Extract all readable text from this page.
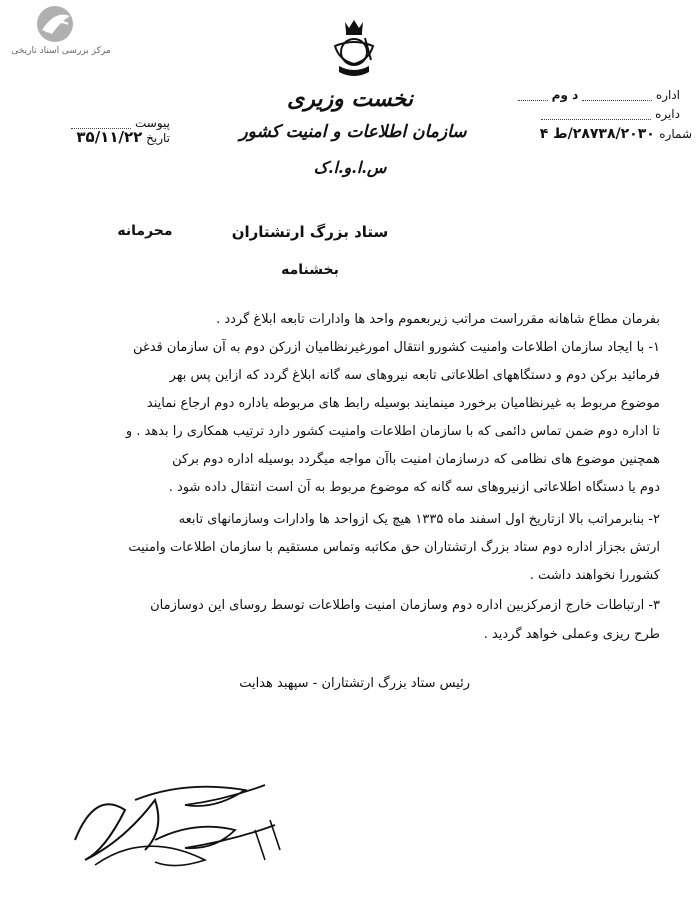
مرکز بررسی اسناد تاریخی
نخست وزیری
سازمان اطلاعات و امنیت کشور
س.ا.و.ا.ک
اداره  د وم
دایره
شماره ۲۸۷۳۸/۲۰۳۰/ط ۴
پیوست
تاریخ ۳۵/۱۱/۲۲
ستاد بزرگ ارتشتاران
محرمانه
بخشنامه
بفرمان مطاع شاهانه مقرراست مراتب زیربعموم واحد ها وادارات تابعه ابلاغ گردد .
۱- با ایجاد سازمان اطلاعات وامنیت کشورو انتقال امورغیرنظامیان ازرکن دوم به آن سازمان قدغن
فرمائید برکن دوم و دستگاههای اطلاعاتی تابعه نیروهای سه گانه ابلاغ گردد که ازاین پس بهر
موضوع مربوط به غیرنظامیان برخورد مینمایند بوسیله رابط های مربوطه باداره دوم ارجاع نمایند
تا اداره دوم ضمن تماس دائمی که با سازمان اطلاعات وامنیت کشور دارد ترتیب همکاری را بدهد . و
همچنین موضوع های نظامی که درسازمان امنیت باآن مواجه میگردد بوسیله اداره دوم برکن
دوم یا دستگاه اطلاعاتی ازنیروهای سه گانه که موضوع مربوط به آن است انتقال داده شود .
۲- بنابرمراتب بالا ازتاریخ اول اسفند ماه ۱۳۳۵ هیچ یک ازواحد ها وادارات وسازمانهای تابعه
ارتش بجزاز اداره دوم ستاد بزرگ ارتشتاران حق مکاتبه وتماس مستقیم با سازمان اطلاعات وامنیت
کشوررا نخواهند داشت .
۳- ارتباطات خارج ازمرکزبین اداره دوم وسازمان امنیت واطلاعات توسط روسای این دوسازمان
طرح ریزی وعملی خواهد گردید .
رئیس ستاد بزرگ ارتشتاران - سپهبد هدایت
